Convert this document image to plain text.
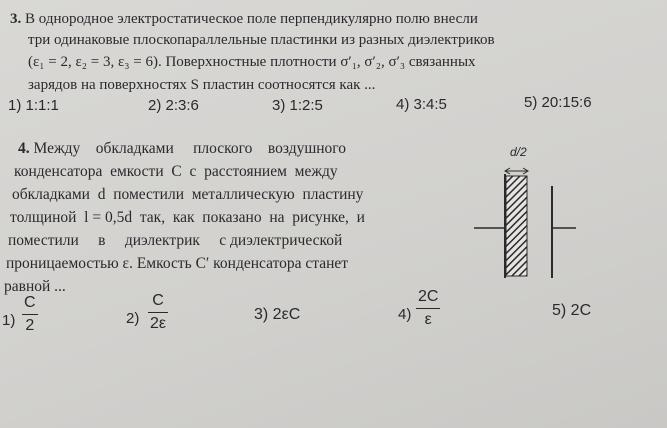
3. В однородное электростатическое поле перпендикулярно полю внесли
три одинаковые плоскопараллельные пластинки из разных диэлектриков
(ε₁ = 2, ε₂ = 3, ε₃ = 6). Поверхностные плотности σ′₁, σ′₂, σ′₃ связанных
зарядов на поверхностях S пластин соотносятся как ...
1) 1:1:1	2) 2:3:6	3) 1:2:5	4) 3:4:5	5) 20:15:6
4. Между    обкладками     плоского    воздушного
конденсатора  емкости  C  с  расстоянием  между
обкладками  d  поместили  металлическую  пластину
толщиной  l = 0,5d  так,  как  показано  на  рисунке,  и
поместили     в     диэлектрик     с диэлектрической
проницаемостью ε. Емкость C′ конденсатора станет
равной ...
d/2
1)
C
2	2)
C
2ε
3) 2εC	4)
2C
ε
5) 2C
